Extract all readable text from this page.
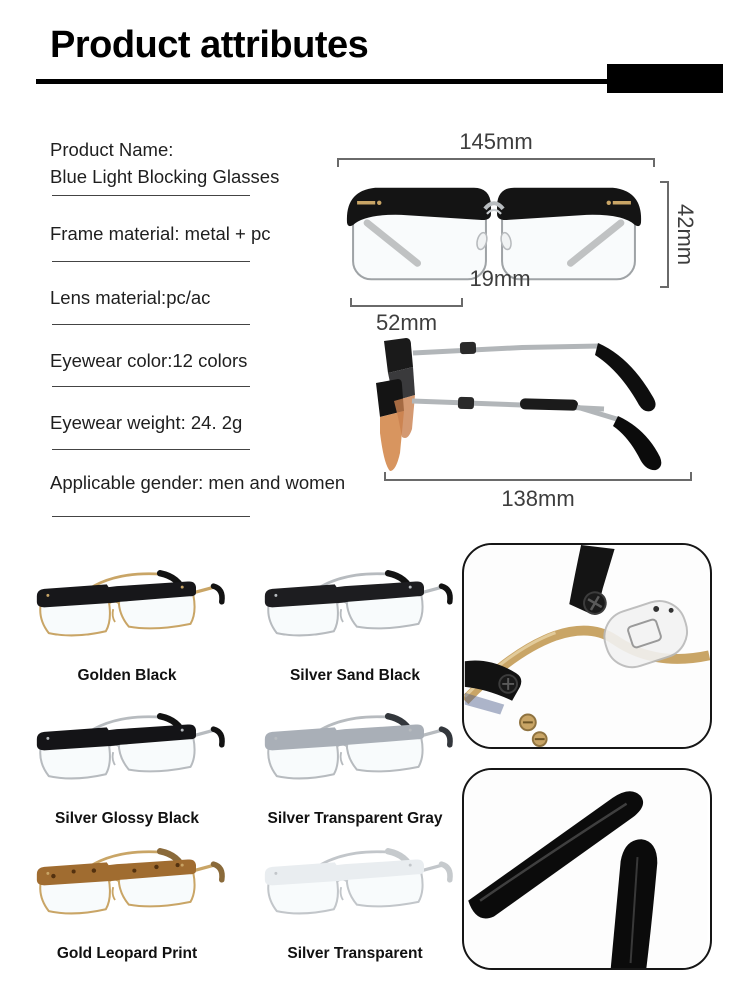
Product attributes

Product Name:

Blue Light Blocking Glasses

Frame material: metal + pc

Lens material:pc/ac

Eyewear color:12 colors

Eyewear weight: 24. 2g

Applicable gender: men and women

145mm
42mm
19mm
52mm
138mm
Golden Black	Silver Sand Black
Silver Glossy Black	Silver Transparent Gray
Gold Leopard Print	Silver Transparent
